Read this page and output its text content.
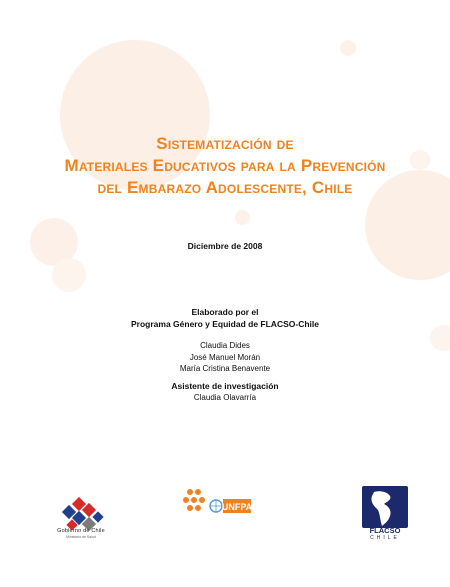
Sistematización de
Materiales Educativos para la Prevención
del Embarazo Adolescente, Chile
Diciembre de 2008
Elaborado por el
Programa Género y Equidad de FLACSO-Chile
Claudia Dides
José Manuel Morán
María Cristina Benavente
Asistente de investigación
Claudia Olavarría
Gobierno de Chile
Ministerio de Salud
UNFPA
FLACSO
CHILE
